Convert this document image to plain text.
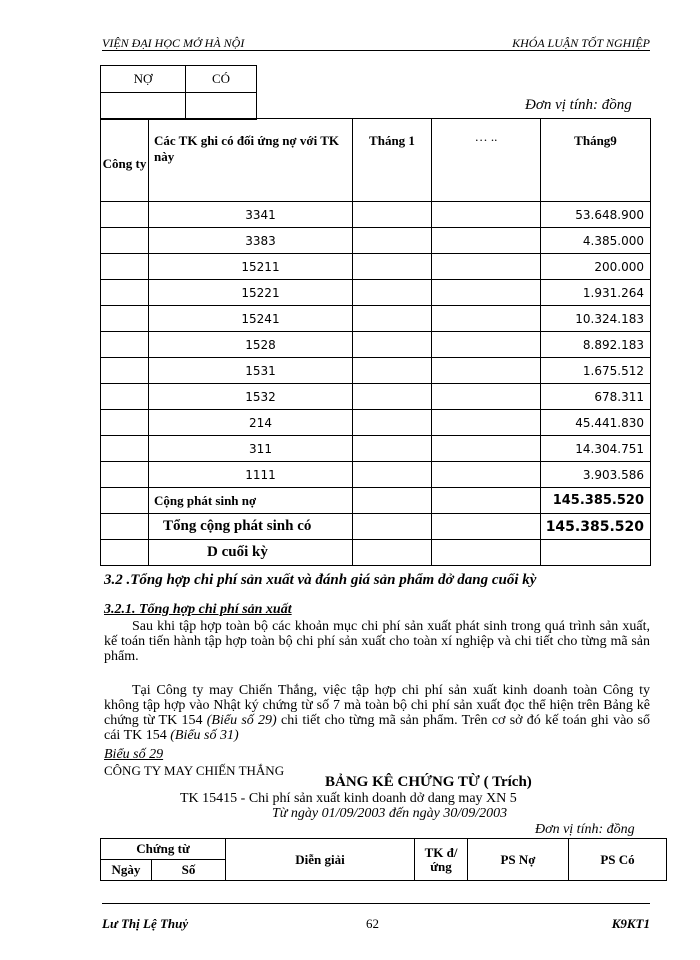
VIỆN ĐẠI HỌC MỞ HÀ NỘI	KHÓA LUẬN TỐT NGHIỆP
NỢ	CÓ

Đơn vị tính: đồng
Công ty	Các TK ghi có đối ứng nợ với TK này	Tháng 1	… ..	Tháng9
	3341			53.648.900
	3383			4.385.000
	15211			200.000
	15221			1.931.264
	15241			10.324.183
	1528			8.892.183
	1531			1.675.512
	1532			678.311
	214			45.441.830
	311			14.304.751
	1111			3.903.586
	Cộng phát sinh nợ			145.385.520
	Tổng cộng phát sinh có			145.385.520
	D cuối kỳ			
3.2 .Tổng hợp chi phí sản xuất và đánh giá sản phẩm dở dang cuối kỳ
3.2.1. Tổng hợp chi phí sản xuất
Sau khi tập hợp toàn bộ các khoản mục chi phí sản xuất phát sinh trong quá trình sản xuất, kế toán tiến hành tập hợp toàn bộ chi phí sản xuất cho toàn xí nghiệp và chi tiết cho từng mã sản phẩm.
Tại Công ty may Chiến Thắng, việc tập hợp chi phí sản xuất kinh doanh toàn Công ty không tập hợp vào Nhật ký chứng từ số 7 mà toàn bộ chi phí sản xuất đọc thể hiện trên Bảng kê chứng từ TK 154 (Biểu số 29) chi tiết cho từng mã sản phẩm. Trên cơ sở đó kế toán ghi vào sổ cái TK 154 (Biểu số 31)
Biểu số 29
CÔNG TY MAY CHIẾN THẮNG
BẢNG KÊ CHỨNG TỪ ( Trích)
TK 15415 - Chi phí sản xuất kinh doanh dở dang may XN 5
Từ ngày 01/09/2003 đến ngày 30/09/2003
Đơn vị tính: đồng
Chứng từ		Diễn giải	TK đ/ứng	PS Nợ	PS Có
Ngày	Số				
Lư Thị Lệ Thuỷ	62	K9KT1
